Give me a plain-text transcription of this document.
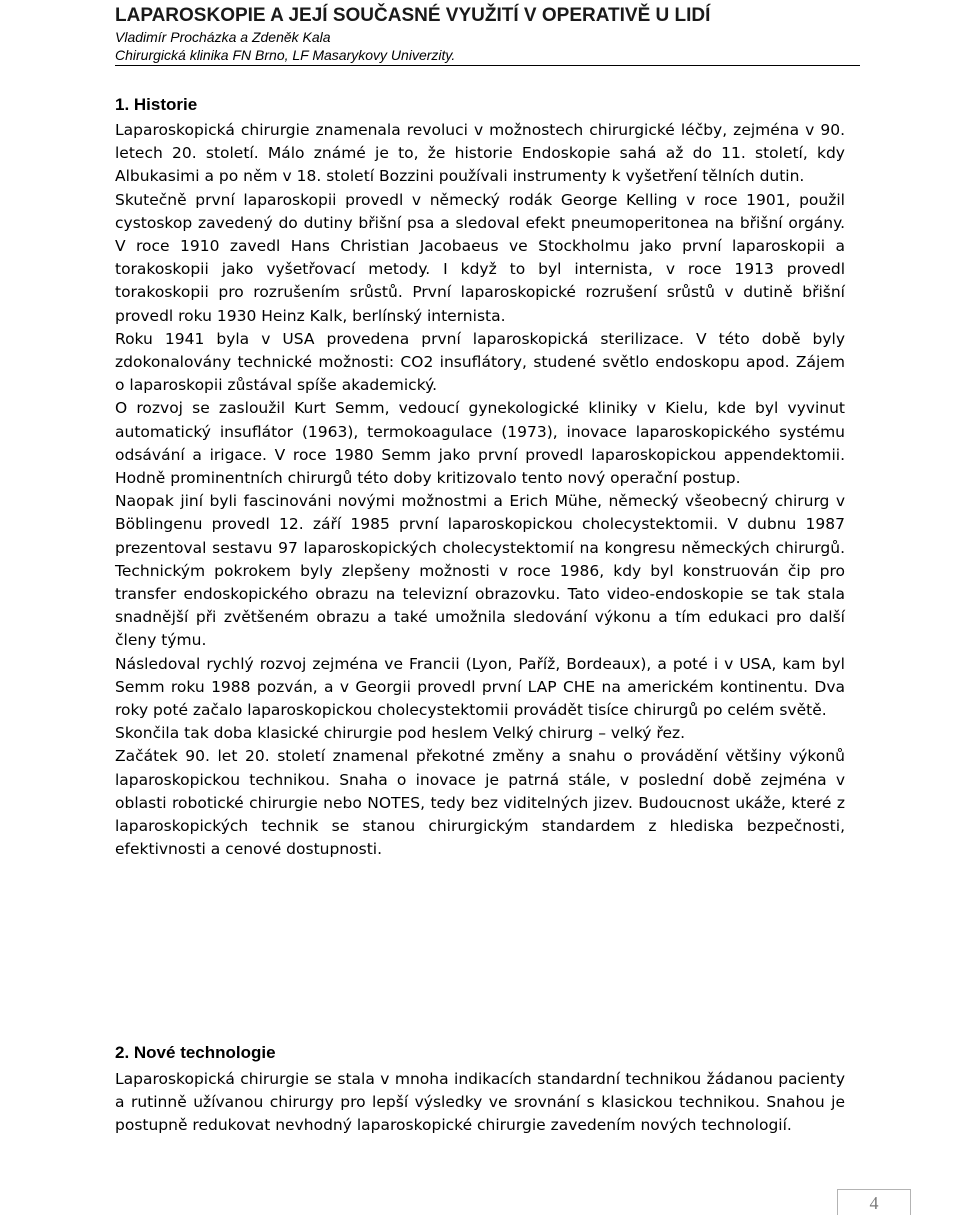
LAPAROSKOPIE A JEJÍ SOUČASNÉ VYUŽITÍ V OPERATIVĚ U LIDÍ
Vladimír Procházka a Zdeněk Kala
Chirurgická klinika FN Brno, LF Masarykovy Univerzity.
1. Historie

Laparoskopická chirurgie znamenala revoluci v možnostech chirurgické léčby, zejména v 90. letech 20. století. Málo známé je to, že historie Endoskopie sahá až do 11. století, kdy Albukasimi a po něm v 18. století Bozzini používali instrumenty k vyšetření tělních dutin.

Skutečně první laparoskopii provedl v německý rodák George Kelling v roce 1901, použil cystoskop zavedený do dutiny břišní psa a sledoval efekt pneumoperitonea na břišní orgány. V roce 1910 zavedl Hans Christian Jacobaeus ve Stockholmu jako první laparoskopii a torakoskopii jako vyšetřovací metody. I když to byl internista, v roce 1913 provedl torakoskopii pro rozrušením srůstů. První laparoskopické rozrušení srůstů v dutině břišní provedl roku 1930 Heinz Kalk, berlínský internista.

Roku 1941 byla v USA provedena první laparoskopická sterilizace. V této době byly zdokonalovány technické možnosti: CO2 insuflátory, studené světlo endoskopu apod. Zájem o laparoskopii zůstával spíše akademický.

O rozvoj se zasloužil Kurt Semm, vedoucí gynekologické kliniky v Kielu, kde byl vyvinut automatický insuflátor (1963), termokoagulace (1973), inovace laparoskopického systému odsávání a irigace. V roce 1980 Semm jako první provedl laparoskopickou appendektomii. Hodně prominentních chirurgů této doby kritizovalo tento nový operační postup.

Naopak jiní byli fascinováni novými možnostmi a Erich Mühe, německý všeobecný chirurg v Böblingenu provedl 12. září 1985 první laparoskopickou cholecystektomii. V dubnu 1987 prezentoval sestavu 97 laparoskopických cholecystektomií na kongresu německých chirurgů. Technickým pokrokem byly zlepšeny možnosti v roce 1986, kdy byl konstruován čip pro transfer endoskopického obrazu na televizní obrazovku. Tato video-endoskopie se tak stala snadnější při zvětšeném obrazu a také umožnila sledování výkonu a tím edukaci pro další členy týmu.

Následoval rychlý rozvoj zejména ve Francii (Lyon, Paříž, Bordeaux), a poté i v USA, kam byl Semm roku 1988 pozván, a v Georgii provedl první LAP CHE na americkém kontinentu. Dva roky poté začalo laparoskopickou cholecystektomii provádět tisíce chirurgů po celém světě.

Skončila tak doba klasické chirurgie pod heslem Velký chirurg – velký řez.

Začátek 90. let 20. století znamenal překotné změny a snahu o provádění většiny výkonů laparoskopickou technikou. Snaha o inovace je patrná stále, v poslední době zejména v oblasti robotické chirurgie nebo NOTES, tedy bez viditelných jizev. Budoucnost ukáže, které z laparoskopických technik se stanou chirurgickým standardem z hlediska bezpečnosti, efektivnosti a cenové dostupnosti.

2. Nové technologie

Laparoskopická chirurgie se stala v mnoha indikacích standardní technikou žádanou pacienty a rutinně užívanou chirurgy pro lepší výsledky ve srovnání s klasickou technikou. Snahou je postupně redukovat nevhodný laparoskopické chirurgie zavedením nových technologií.

4
